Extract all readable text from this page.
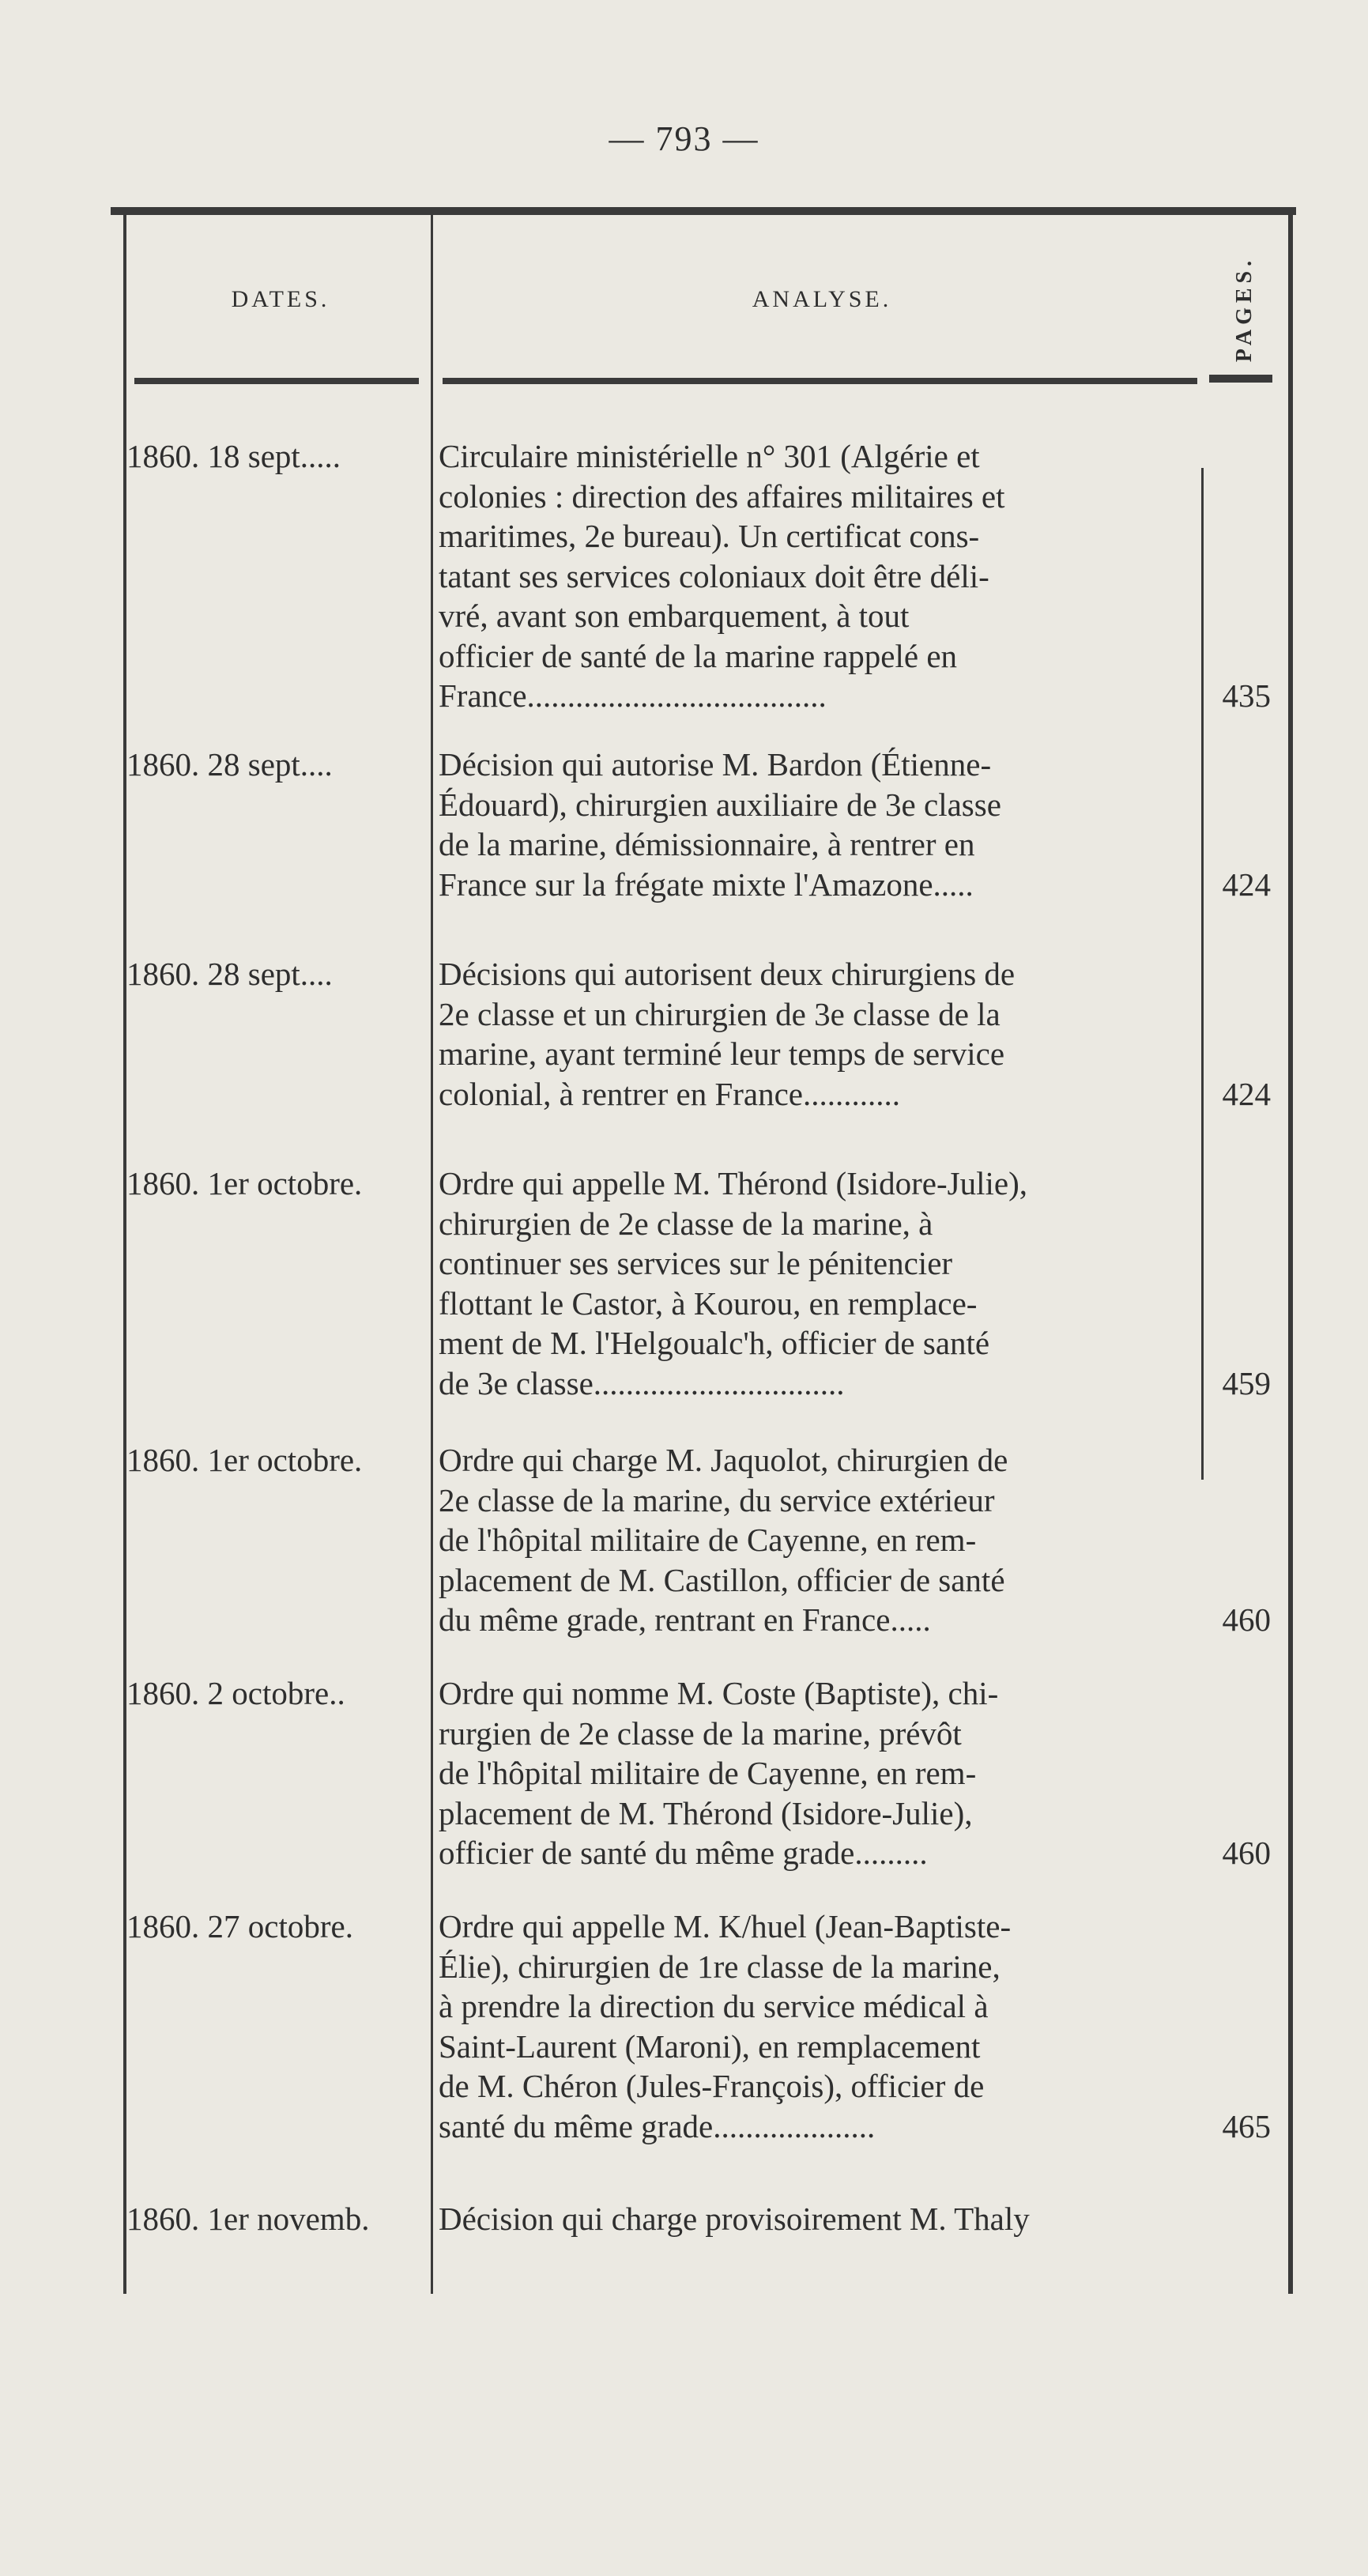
— 793 —
DATES.	ANALYSE.	PAGES.
1860. 18 sept.....	Circulaire ministérielle n° 301 (Algérie et
colonies : direction des affaires militaires et
maritimes, 2e bureau). Un certificat cons-
tatant ses services coloniaux doit être déli-
vré, avant son embarquement, à tout
officier de santé de la marine rappelé en
France.....................................	435
1860. 28 sept....	Décision qui autorise M. Bardon (Étienne-
Édouard), chirurgien auxiliaire de 3e classe
de la marine, démissionnaire, à rentrer en
France sur la frégate mixte l'Amazone.....	424
1860. 28 sept....	Décisions qui autorisent deux chirurgiens de
2e classe et un chirurgien de 3e classe de la
marine, ayant terminé leur temps de service
colonial, à rentrer en France............	424
1860. 1er octobre.	Ordre qui appelle M. Thérond (Isidore-Julie),
chirurgien de 2e classe de la marine, à
continuer ses services sur le pénitencier
flottant le Castor, à Kourou, en remplace-
ment de M. l'Helgoualc'h, officier de santé
de 3e classe...............................	459
1860. 1er octobre.	Ordre qui charge M. Jaquolot, chirurgien de
2e classe de la marine, du service extérieur
de l'hôpital militaire de Cayenne, en rem-
placement de M. Castillon, officier de santé
du même grade, rentrant en France.....	460
1860. 2 octobre..	Ordre qui nomme M. Coste (Baptiste), chi-
rurgien de 2e classe de la marine, prévôt
de l'hôpital militaire de Cayenne, en rem-
placement de M. Thérond (Isidore-Julie),
officier de santé du même grade.........	460
1860. 27 octobre.	Ordre qui appelle M. K/huel (Jean-Baptiste-
Élie), chirurgien de 1re classe de la marine,
à prendre la direction du service médical à
Saint-Laurent (Maroni), en remplacement
de M. Chéron (Jules-François), officier de
santé du même grade....................	465
1860. 1er novemb.	Décision qui charge provisoirement M. Thaly
